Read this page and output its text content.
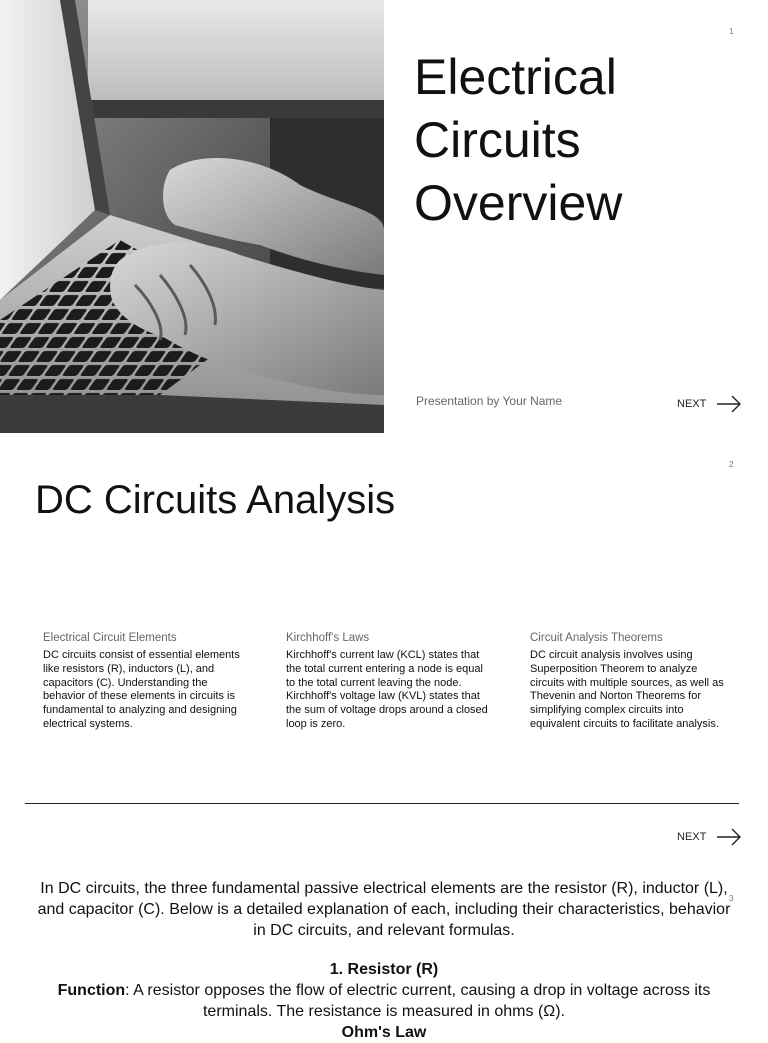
1
Electrical
Circuits
Overview
Presentation by Your Name	NEXT
2
DC Circuits Analysis
Electrical Circuit Elements

DC circuits consist of essential elements like resistors (R), inductors (L), and capacitors (C). Understanding the behavior of these elements in circuits is fundamental to analyzing and designing electrical systems.

Kirchhoff's Laws

Kirchhoff's current law (KCL) states that the total current entering a node is equal to the total current leaving the node. Kirchhoff's voltage law (KVL) states that the sum of voltage drops around a closed loop is zero.

Circuit Analysis Theorems

DC circuit analysis involves using Superposition Theorem to analyze circuits with multiple sources, as well as Thevenin and Norton Theorems for simplifying complex circuits into equivalent circuits to facilitate analysis.

NEXT
3

In DC circuits, the three fundamental passive electrical elements are the resistor (R), inductor (L), and capacitor (C). Below is a detailed explanation of each, including their characteristics, behavior in DC circuits, and relevant formulas.

1. Resistor (R)

Function: A resistor opposes the flow of electric current, causing a drop in voltage across its terminals. The resistance is measured in ohms (Ω).

Ohm's Law
